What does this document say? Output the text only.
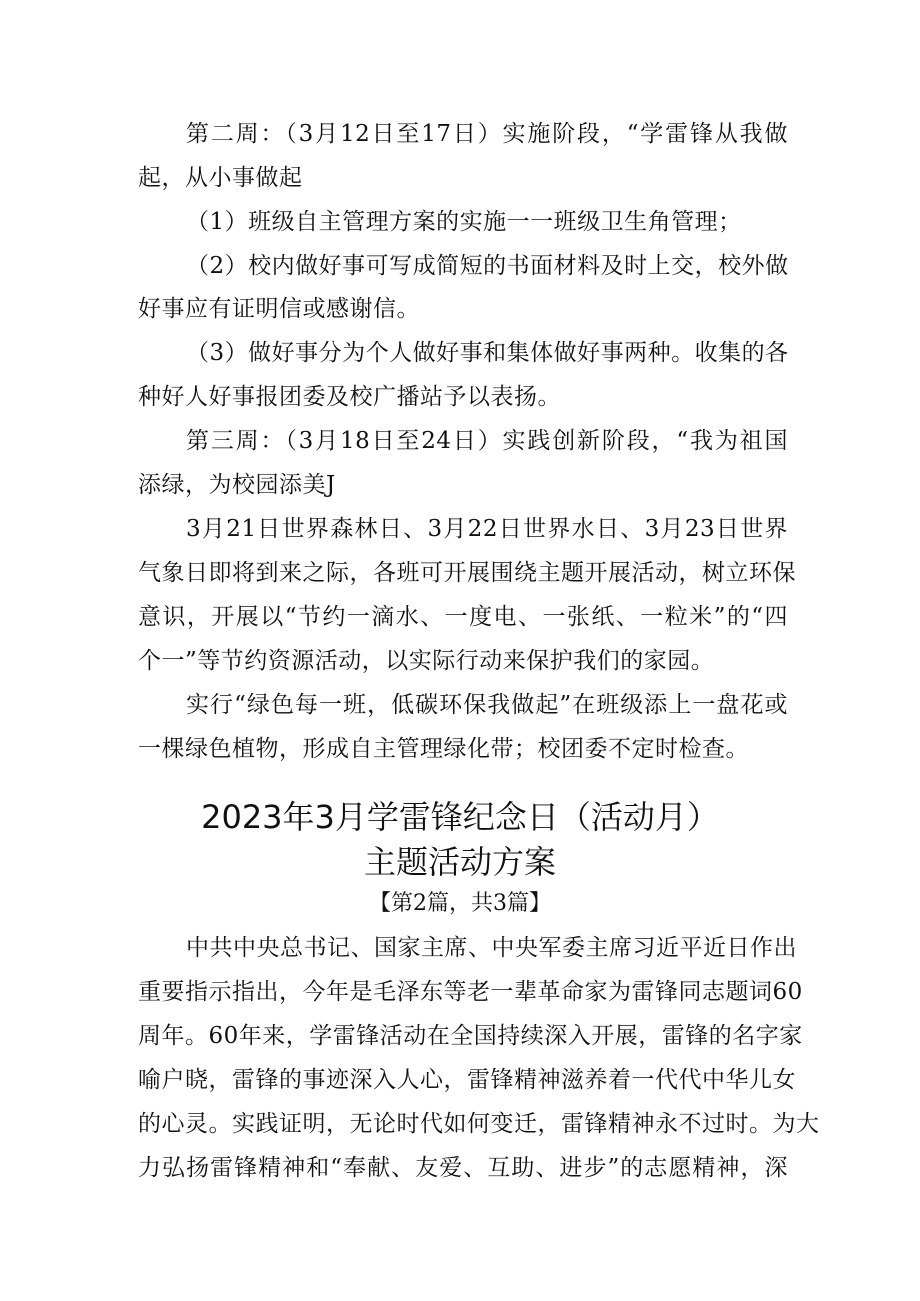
第二周：（3月12日至17日）实施阶段，“学雷锋从我做
起，从小事做起
（1）班级自主管理方案的实施一一班级卫生角管理；
（2）校内做好事可写成简短的书面材料及时上交，校外做
好事应有证明信或感谢信。
（3）做好事分为个人做好事和集体做好事两种。收集的各
种好人好事报团委及校广播站予以表扬。
第三周：（3月18日至24日）实践创新阶段，“我为祖国
添绿，为校园添美J
3月21日世界森林日、3月22日世界水日、3月23日世界
气象日即将到来之际，各班可开展围绕主题开展活动，树立环保
意识，开展以“节约一滴水、一度电、一张纸、一粒米”的“四
个一”等节约资源活动，以实际行动来保护我们的家园。
实行“绿色每一班，低碳环保我做起”在班级添上一盘花或
一棵绿色植物，形成自主管理绿化带；校团委不定时检查。
2023年3月学雷锋纪念日（活动月）
主题活动方案
【第2篇，共3篇】
中共中央总书记、国家主席、中央军委主席习近平近日作出
重要指示指出，今年是毛泽东等老一辈革命家为雷锋同志题词60
周年。60年来，学雷锋活动在全国持续深入开展，雷锋的名字家
喻户晓，雷锋的事迹深入人心，雷锋精神滋养着一代代中华儿女
的心灵。实践证明，无论时代如何变迁，雷锋精神永不过时。为大
力弘扬雷锋精神和“奉献、友爱、互助、进步”的志愿精神，深
